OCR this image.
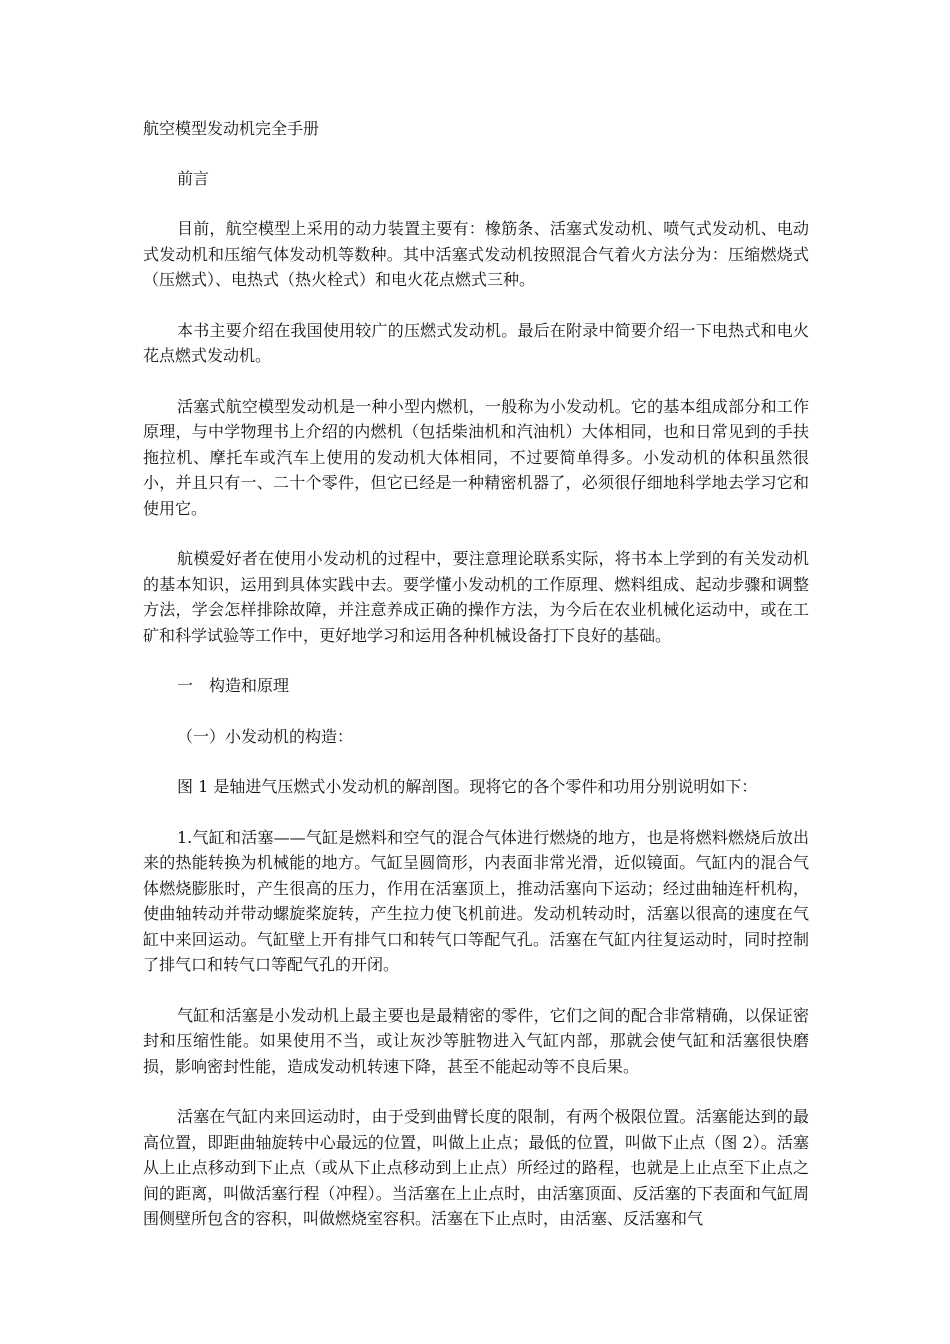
航空模型发动机完全手册

前言

目前，航空模型上采用的动力装置主要有：橡筋条、活塞式发动机、喷气式发动机、电动式发动机和压缩气体发动机等数种。其中活塞式发动机按照混合气着火方法分为：压缩燃烧式（压燃式）、电热式（热火栓式）和电火花点燃式三种。

本书主要介绍在我国使用较广的压燃式发动机。最后在附录中简要介绍一下电热式和电火花点燃式发动机。

活塞式航空模型发动机是一种小型内燃机，一般称为小发动机。它的基本组成部分和工作原理，与中学物理书上介绍的内燃机（包括柴油机和汽油机）大体相同，也和日常见到的手扶拖拉机、摩托车或汽车上使用的发动机大体相同，不过要简单得多。小发动机的体积虽然很小，并且只有一、二十个零件，但它已经是一种精密机器了，必须很仔细地科学地去学习它和使用它。

航模爱好者在使用小发动机的过程中，要注意理论联系实际，将书本上学到的有关发动机的基本知识，运用到具体实践中去。要学懂小发动机的工作原理、燃料组成、起动步骤和调整方法，学会怎样排除故障，并注意养成正确的操作方法，为今后在农业机械化运动中，或在工矿和科学试验等工作中，更好地学习和运用各种机械设备打下良好的基础。

一　构造和原理

（一）小发动机的构造：

图 1 是轴进气压燃式小发动机的解剖图。现将它的各个零件和功用分别说明如下：

1.气缸和活塞——气缸是燃料和空气的混合气体进行燃烧的地方，也是将燃料燃烧后放出来的热能转换为机械能的地方。气缸呈圆筒形，内表面非常光滑，近似镜面。气缸内的混合气体燃烧膨胀时，产生很高的压力，作用在活塞顶上，推动活塞向下运动；经过曲轴连杆机构，使曲轴转动并带动螺旋桨旋转，产生拉力使飞机前进。发动机转动时，活塞以很高的速度在气缸中来回运动。气缸壁上开有排气口和转气口等配气孔。活塞在气缸内往复运动时，同时控制了排气口和转气口等配气孔的开闭。

气缸和活塞是小发动机上最主要也是最精密的零件，它们之间的配合非常精确，以保证密封和压缩性能。如果使用不当，或让灰沙等脏物进入气缸内部，那就会使气缸和活塞很快磨损，影响密封性能，造成发动机转速下降，甚至不能起动等不良后果。

活塞在气缸内来回运动时，由于受到曲臂长度的限制，有两个极限位置。活塞能达到的最高位置，即距曲轴旋转中心最远的位置，叫做上止点；最低的位置，叫做下止点（图 2）。活塞从上止点移动到下止点（或从下止点移动到上止点）所经过的路程，也就是上止点至下止点之间的距离，叫做活塞行程（冲程）。当活塞在上止点时，由活塞顶面、反活塞的下表面和气缸周围侧壁所包含的容积，叫做燃烧室容积。活塞在下止点时，由活塞、反活塞和气
